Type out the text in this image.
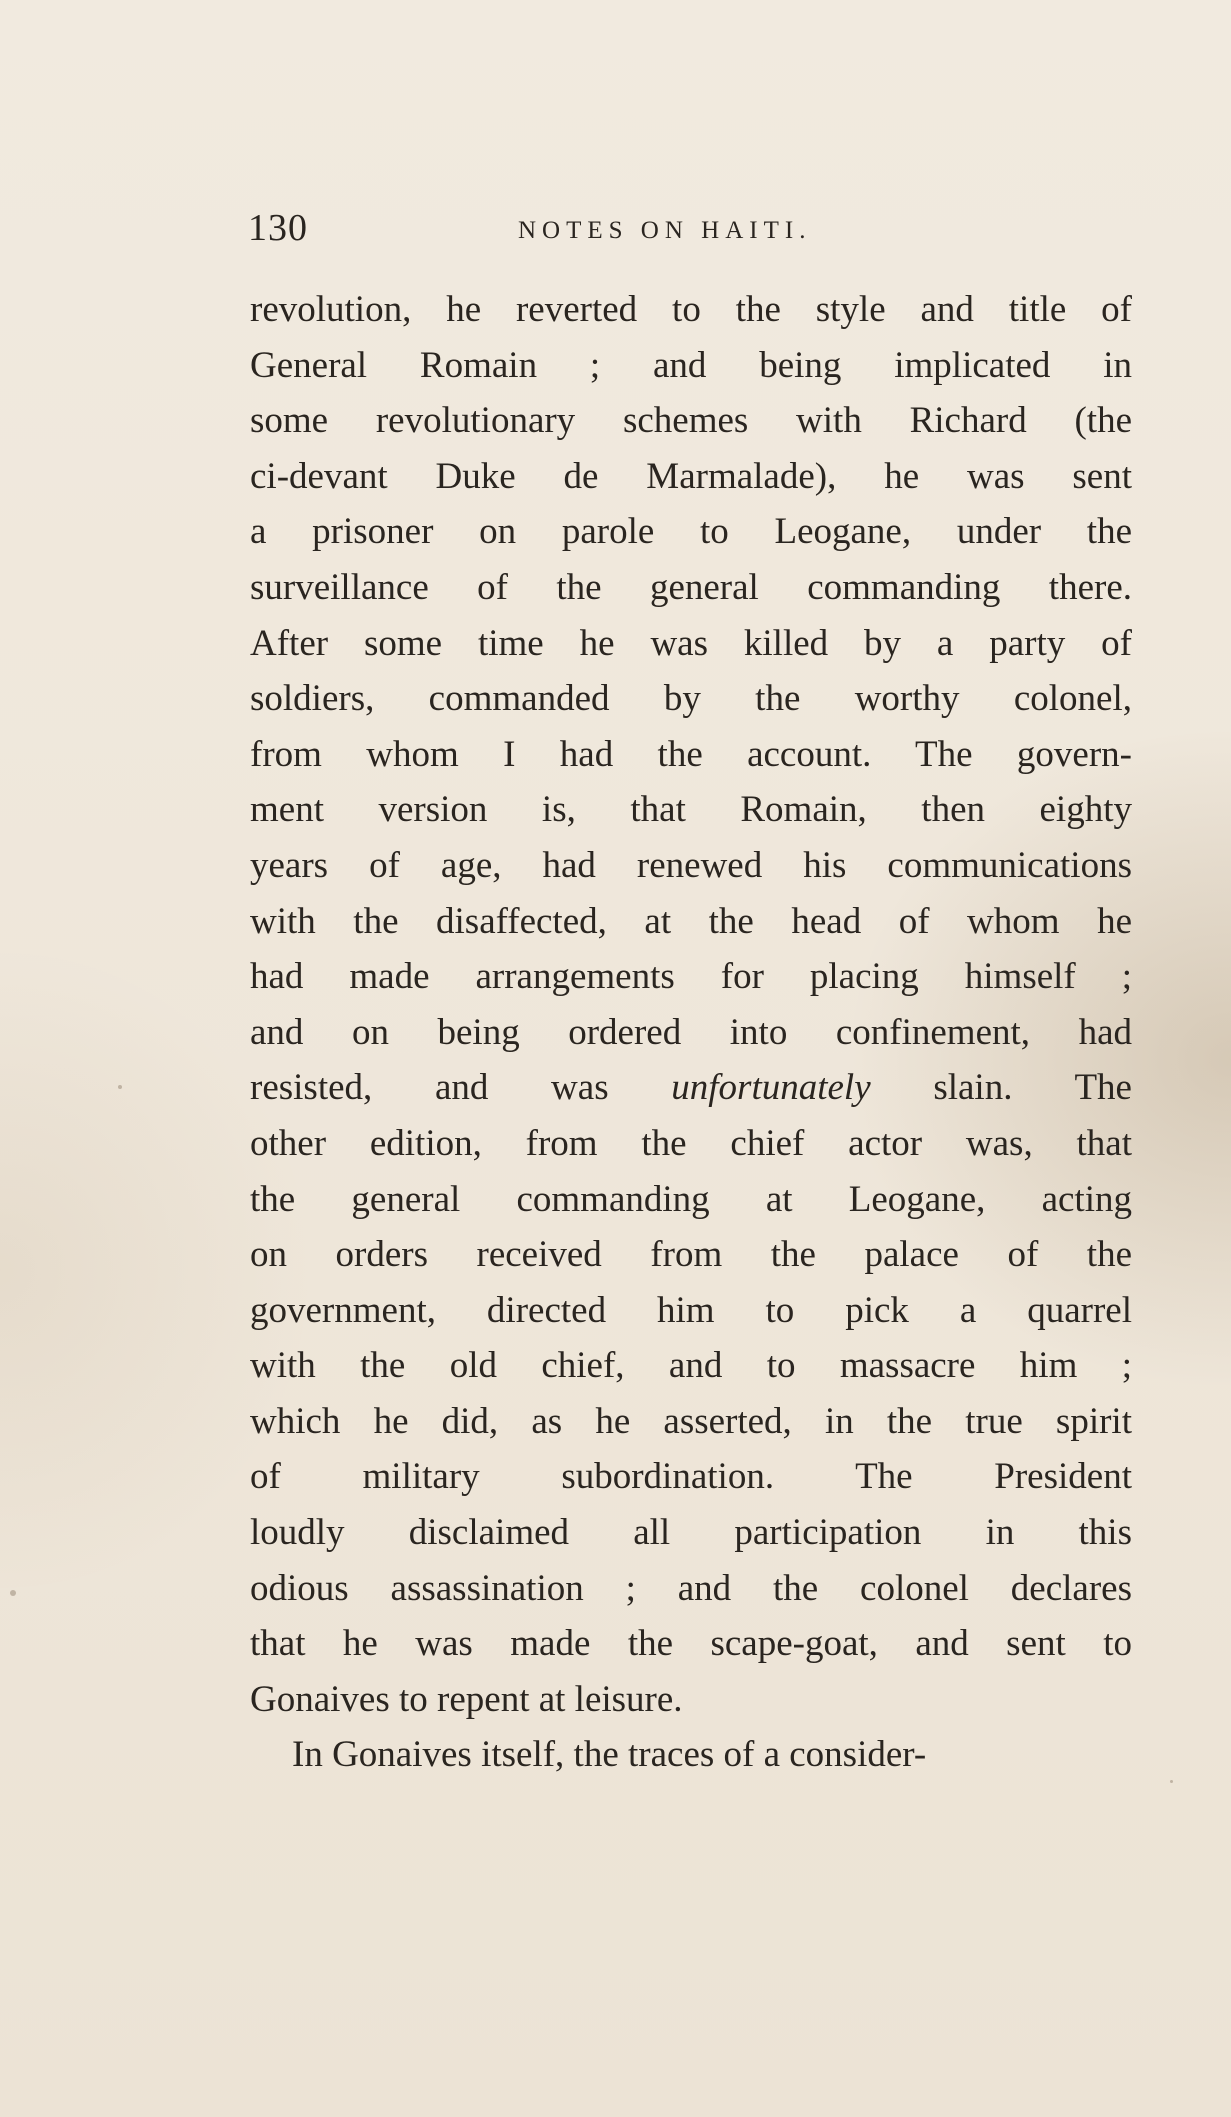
130	NOTES ON HAITI.
revolution, he reverted to the style and title of
General Romain ; and being implicated in
some revolutionary schemes with Richard (the
ci-devant Duke de Marmalade), he was sent
a prisoner on parole to Leogane, under the
surveillance of the general commanding there.
After some time he was killed by a party of
soldiers, commanded by the worthy colonel,
from whom I had the account. The govern-
ment version is, that Romain, then eighty
years of age, had renewed his communications
with the disaffected, at the head of whom he
had made arrangements for placing himself ;
and on being ordered into confinement, had
resisted, and was unfortunately slain. The
other edition, from the chief actor was, that
the general commanding at Leogane, acting
on orders received from the palace of the
government, directed him to pick a quarrel
with the old chief, and to massacre him ;
which he did, as he asserted, in the true spirit
of military subordination. The President
loudly disclaimed all participation in this
odious assassination ; and the colonel declares
that he was made the scape-goat, and sent to
Gonaives to repent at leisure.
In Gonaives itself, the traces of a consider-
